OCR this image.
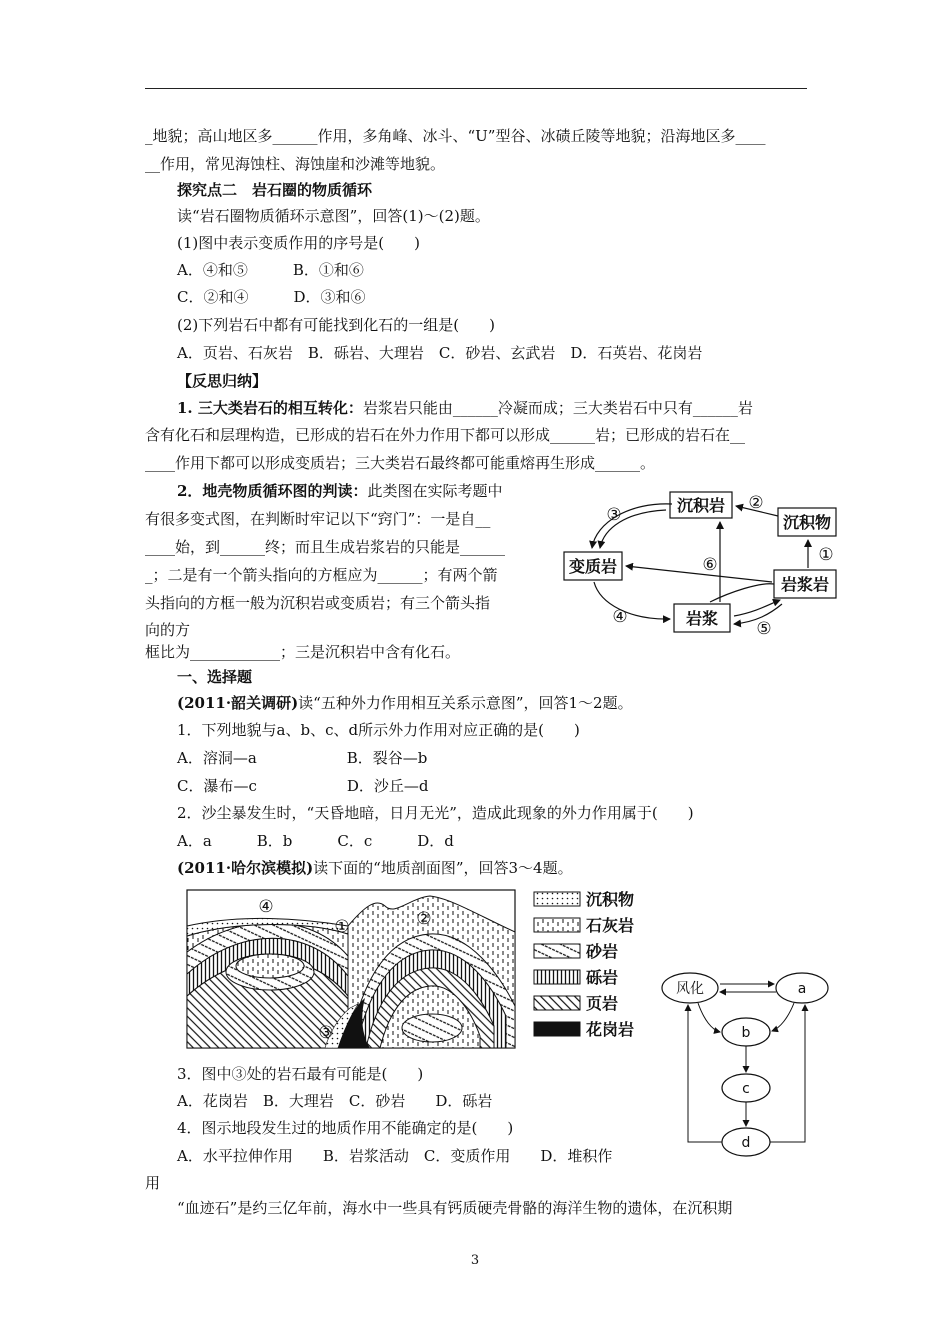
_地貌；高山地区多______作用，多角峰、冰斗、“U”型谷、冰碛丘陵等地貌；沿海地区多____
__作用，常见海蚀柱、海蚀崖和沙滩等地貌。
探究点二　岩石圈的物质循环
读“岩石圈物质循环示意图”，回答(1)～(2)题。
(1)图中表示变质作用的序号是(　　)
A．④和⑤　　　B．①和⑥
C．②和④　　　D．③和⑥
(2)下列岩石中都有可能找到化石的一组是(　　)
A．页岩、石灰岩　B．砾岩、大理岩　C．砂岩、玄武岩　D．石英岩、花岗岩
【反思归纳】
1. 三大类岩石的相互转化：岩浆岩只能由______冷凝而成；三大类岩石中只有______岩
含有化石和层理构造，已形成的岩石在外力作用下都可以形成______岩；已形成的岩石在__
____作用下都可以形成变质岩；三大类岩石最终都可能重熔再生形成______。
2．地壳物质循环图的判读：此类图在实际考题中
有很多变式图，在判断时牢记以下“窍门”：一是自__
____始，到______终；而且生成岩浆岩的只能是______
_；二是有一个箭头指向的方框应为______；有两个箭
头指向的方框一般为沉积岩或变质岩；有三个箭头指
向的方
框比为____________；三是沉积岩中含有化石。
一、选择题
(2011·韶关调研)读“五种外力作用相互关系示意图”，回答1～2题。
1．下列地貌与a、b、c、d所示外力作用对应正确的是(　　)
A．溶洞—a　　　　　　B．裂谷—b
C．瀑布—c　　　　　　D．沙丘—d
2．沙尘暴发生时，“天昏地暗，日月无光”，造成此现象的外力作用属于(　　)
A．a　　　B．b　　　C．c　　　D．d
(2011·哈尔滨模拟)读下面的“地质剖面图”，回答3～4题。
3．图中③处的岩石最有可能是(　　)
A．花岗岩　B．大理岩　C．砂岩　　D．砾岩
4．图示地段发生过的地质作用不能确定的是(　　)
A．水平拉伸作用　　B．岩浆活动　C．变质作用　　D．堆积作
用
“血迹石”是约三亿年前，海水中一些具有钙质硬壳骨骼的海洋生物的遗体，在沉积期
沉积岩
沉积物
变质岩
岩浆岩
岩浆
③
②
①
⑥
④
⑤
④
①	②
③
沉积物
石灰岩
砂岩
砾岩
页岩
花岗岩
风化	a
b
c
d
3
